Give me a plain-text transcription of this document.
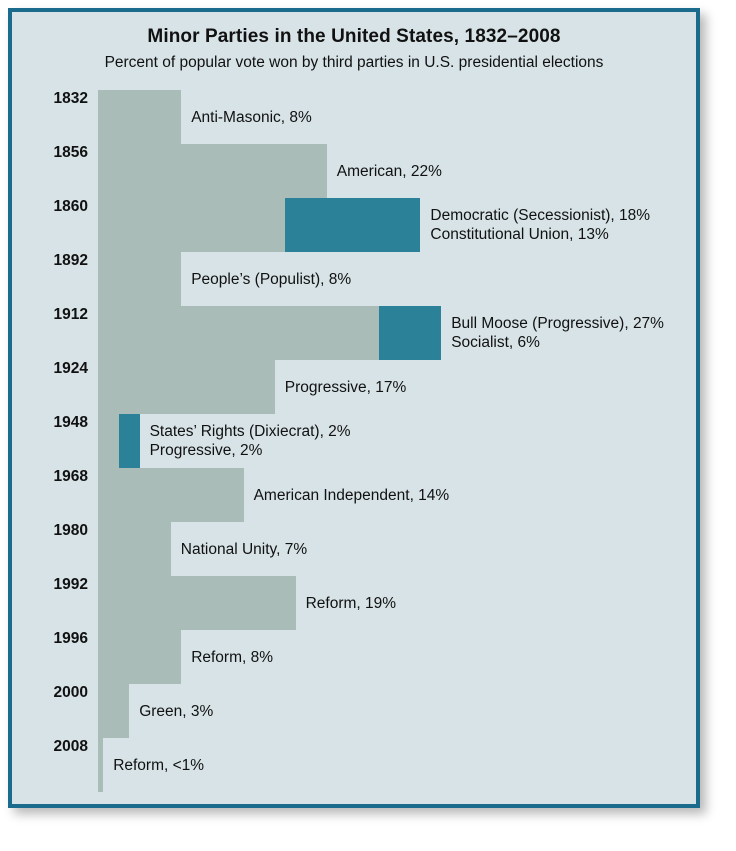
Minor Parties in the United States, 1832–2008
Percent of popular vote won by third parties in U.S. presidential elections
1832
Anti-Masonic, 8%
1856
American, 22%
1860
Democratic (Secessionist), 18%
Constitutional Union, 13%
1892
People’s (Populist), 8%
1912
Bull Moose (Progressive), 27%
Socialist, 6%
1924
Progressive, 17%
1948
States’ Rights (Dixiecrat), 2%
Progressive, 2%
1968
American Independent, 14%
1980
National Unity, 7%
1992
Reform, 19%
1996
Reform, 8%
2000
Green, 3%
2008
Reform, <1%
